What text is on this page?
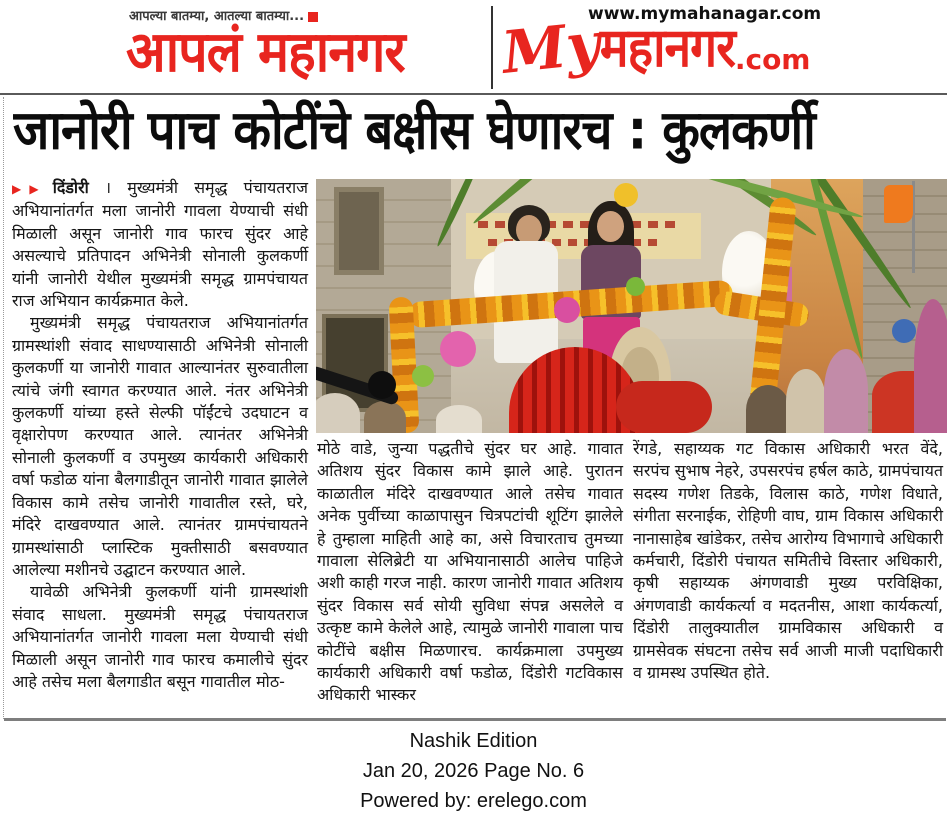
आपल्या बातम्या, आतल्या बातम्या...
आपलं महानगर
www.mymahanagar.com
Myमहानगर.com
जानोरी पाच कोटींचे बक्षीस घेणारच : कुलकर्णी

▶▶ दिंडोरी । मुख्यमंत्री समृद्ध पंचायतराज अभियानांतर्गत मला जानोरी गावला येण्याची संधी मिळाली असून जानोरी गाव फारच सुंदर आहे असल्याचे प्रतिपादन अभिनेत्री सोनाली कुलकर्णी यांनी जानोरी येथील मुख्यमंत्री समृद्ध ग्रामपंचायत राज अभियान कार्यक्रमात केले.

मुख्यमंत्री समृद्ध पंचायतराज अभियानांतर्गत ग्रामस्थांशी संवाद साधण्यासाठी अभिनेत्री सोनाली कुलकर्णी या जानोरी गावात आल्यानंतर सुरुवातीला त्यांचे जंगी स्वागत करण्यात आले. नंतर अभिनेत्री कुलकर्णी यांच्या हस्ते सेल्फी पॉईंटचे उदघाटन व वृक्षारोपण करण्यात आले. त्यानंतर अभिनेत्री सोनाली कुलकर्णी व उपमुख्य कार्यकारी अधिकारी वर्षा फडोळ यांना बैलगाडीतून जानोरी गावात झालेले विकास कामे तसेच जानोरी गावातील रस्ते, घरे, मंदिरे दाखवण्यात आले. त्यानंतर ग्रामपंचायतने ग्रामस्थांसाठी प्लास्टिक मुक्तीसाठी बसवण्यात आलेल्या मशीनचे उद्घाटन करण्यात आले.

यावेळी अभिनेत्री कुलकर्णी यांनी ग्रामस्थांशी संवाद साधला. मुख्यमंत्री समृद्ध पंचायतराज अभियानांतर्गत जानोरी गावला मला येण्याची संधी मिळाली असून जानोरी गाव फारच कमालीचे सुंदर आहे तसेच मला बैलगाडीत बसून गावातील मोठ-

मोठे वाडे, जुन्या पद्धतीचे सुंदर घर आहे. गावात अतिशय सुंदर विकास कामे झाले आहे. पुरातन काळातील मंदिरे दाखवण्यात आले तसेच गावात अनेक पुर्वीच्या काळापासुन चित्रपटांची शूटिंग झालेले हे तुम्हाला माहिती आहे का, असे विचारताच तुमच्या गावाला सेलिब्रेटी या अभियानासाठी आलेच पाहिजे अशी काही गरज नाही. कारण जानोरी गावात अतिशय सुंदर विकास सर्व सोयी सुविधा संपन्न असलेले व उत्कृष्ट कामे केलेले आहे, त्यामुळे जानोरी गावाला पाच कोटींचे बक्षीस मिळणारच. कार्यक्रमाला उपमुख्य कार्यकारी अधिकारी वर्षा फडोळ, दिंडोरी गटविकास अधिकारी भास्कर

रेंगडे, सहाय्यक गट विकास अधिकारी भरत वेंदे, सरपंच सुभाष नेहरे, उपसरपंच हर्षल काठे, ग्रामपंचायत सदस्य गणेश तिडके, विलास काठे, गणेश विधाते, संगीता सरनाईक, रोहिणी वाघ, ग्राम विकास अधिकारी नानासाहेब खांडेकर, तसेच आरोग्य विभागाचे अधिकारी कर्मचारी, दिंडोरी पंचायत समितीचे विस्तार अधिकारी, कृषी सहाय्यक अंगणवाडी मुख्य परविक्षिका, अंगणवाडी कार्यकर्त्या व मदतनीस, आशा कार्यकर्त्या, दिंडोरी तालुक्यातील ग्रामविकास अधिकारी व ग्रामसेवक संघटना तसेच सर्व आजी माजी पदाधिकारी व ग्रामस्थ उपस्थित होते.

Nashik Edition
Jan 20, 2026 Page No. 6
Powered by: erelego.com
